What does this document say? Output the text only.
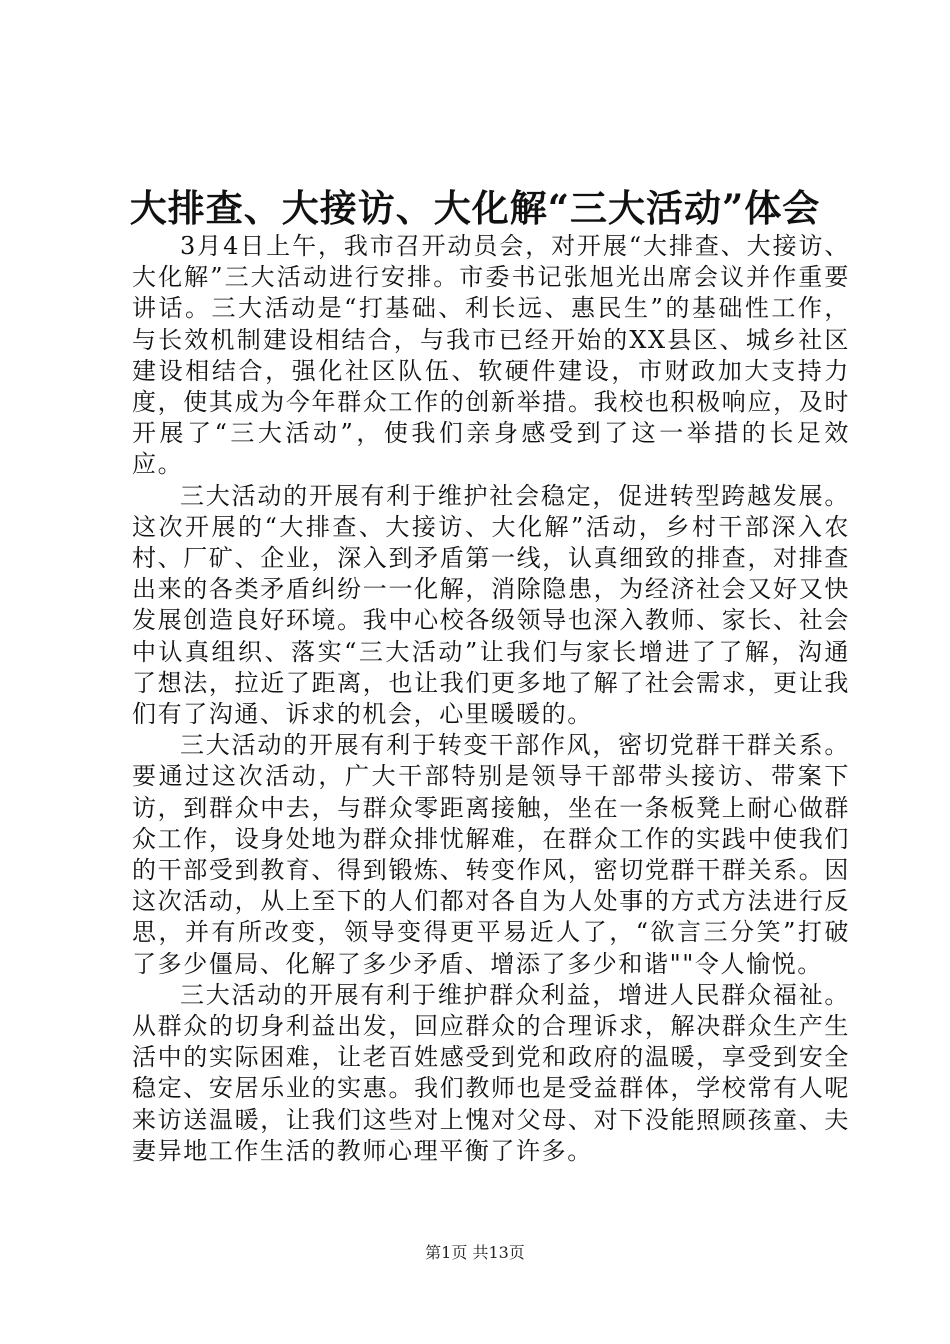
大排查、大接访、大化解“三大活动”体会

3月4日上午，我市召开动员会，对开展“大排查、大接访、大化解”三大活动进行安排。市委书记张旭光出席会议并作重要讲话。三大活动是“打基础、利长远、惠民生”的基础性工作，与长效机制建设相结合，与我市已经开始的XX县区、城乡社区建设相结合，强化社区队伍、软硬件建设，市财政加大支持力度，使其成为今年群众工作的创新举措。我校也积极响应，及时开展了“三大活动”，使我们亲身感受到了这一举措的长足效应。

三大活动的开展有利于维护社会稳定，促进转型跨越发展。这次开展的“大排查、大接访、大化解”活动，乡村干部深入农村、厂矿、企业，深入到矛盾第一线，认真细致的排查，对排查出来的各类矛盾纠纷一一化解，消除隐患，为经济社会又好又快发展创造良好环境。我中心校各级领导也深入教师、家长、社会中认真组织、落实“三大活动”让我们与家长增进了了解，沟通了想法，拉近了距离，也让我们更多地了解了社会需求，更让我们有了沟通、诉求的机会，心里暖暖的。

三大活动的开展有利于转变干部作风，密切党群干群关系。要通过这次活动，广大干部特别是领导干部带头接访、带案下访，到群众中去，与群众零距离接触，坐在一条板凳上耐心做群众工作，设身处地为群众排忧解难，在群众工作的实践中使我们的干部受到教育、得到锻炼、转变作风，密切党群干群关系。因这次活动，从上至下的人们都对各自为人处事的方式方法进行反思，并有所改变，领导变得更平易近人了，“欲言三分笑”打破了多少僵局、化解了多少矛盾、增添了多少和谐""令人愉悦。

三大活动的开展有利于维护群众利益，增进人民群众福祉。从群众的切身利益出发，回应群众的合理诉求，解决群众生产生活中的实际困难，让老百姓感受到党和政府的温暖，享受到安全稳定、安居乐业的实惠。我们教师也是受益群体，学校常有人呢来访送温暖，让我们这些对上愧对父母、对下没能照顾孩童、夫妻异地工作生活的教师心理平衡了许多。

第1页 共13页
